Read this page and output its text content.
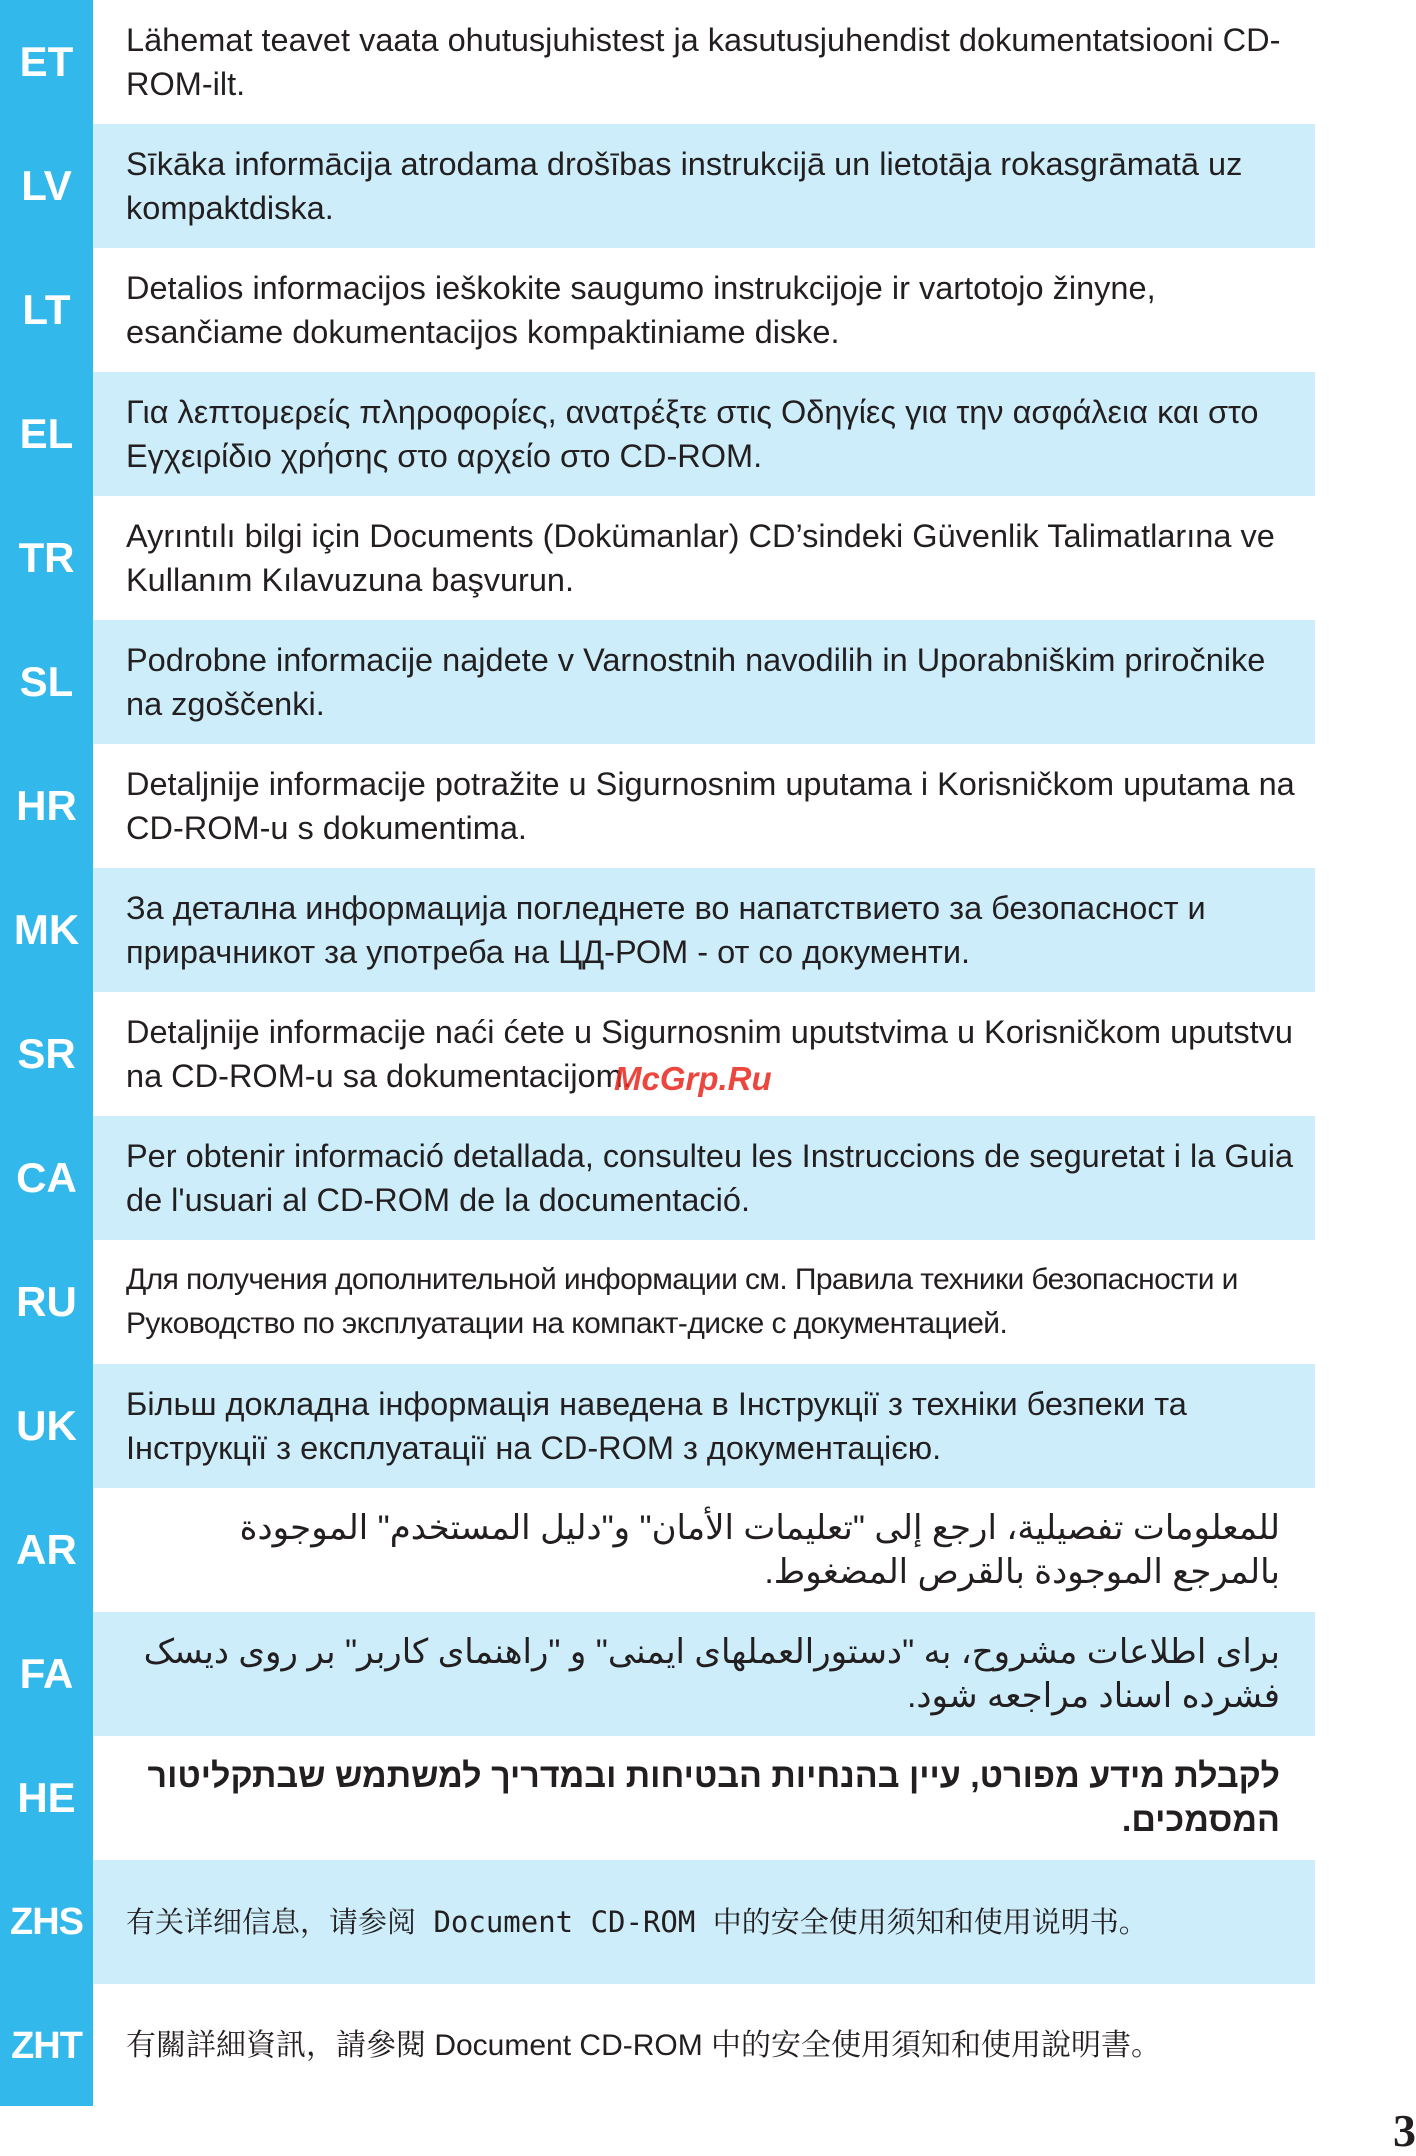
ET	Lähemat teavet vaata ohutusjuhistest ja kasutusjuhendist dokumentatsiooni CD-ROM-ilt.
LV	Sīkāka informācija atrodama drošības instrukcijā un lietotāja rokasgrāmatā uz kompaktdiska.
LT	Detalios informacijos ieškokite saugumo instrukcijoje ir vartotojo žinyne, esančiame dokumentacijos kompaktiniame diske.
EL	Για λεπτομερείς πληροφορίες, ανατρέξτε στις Οδηγίες για την ασφάλεια και στο Εγχειρίδιο χρήσης στο αρχείο στο CD-ROM.
TR	Ayrıntılı bilgi için Documents (Dokümanlar) CD’sindeki Güvenlik Talimatlarına ve Kullanım Kılavuzuna başvurun.
SL	Podrobne informacije najdete v Varnostnih navodilih in Uporabniškim priročnike na zgoščenki.
HR	Detaljnije informacije potražite u Sigurnosnim uputama i Korisničkom uputama na CD-ROM-u s dokumentima.
MK	За детална информација погледнете во напатствието за безопасност и прирачникот за употреба на ЦД-РОМ - от со документи.
SR	Detaljnije informacije naći ćete u Sigurnosnim uputstvima u Korisničkom uputstvu na CD-ROM-u sa dokumentacijom.
CA	Per obtenir informació detallada, consulteu les Instruccions de seguretat i la Guia de l'usuari al CD-ROM de la documentació.
RU	Для получения дополнительной информации см. Правила техники безопасности и Руководство по эксплуатации на компакт-диске с документацией.
UK	Більш докладна інформація наведена в Інструкції з техніки безпеки та Інструкції з експлуатації на CD-ROM з документацією.
AR	للمعلومات تفصيلية، ارجع إلى "تعليمات الأمان" و"دليل المستخدم" الموجودة بالمرجع الموجودة بالقرص المضغوط.
FA	برای اطلاعات مشروح، به "دستورالعملهای ایمنی" و "راهنمای کاربر" بر روی دیسک فشرده اسناد مراجعه شود.
HE	לקבלת מידע מפורט, עיין בהנחיות הבטיחות ובמדריך למשתמש שבתקליטור המסמכים.
ZHS	有关详细信息，请参阅 Document CD-ROM 中的安全使用须知和使用说明书。
ZHT	有關詳細資訊，請參閱 Document CD-ROM 中的安全使用須知和使用說明書。
McGrp.Ru
3
